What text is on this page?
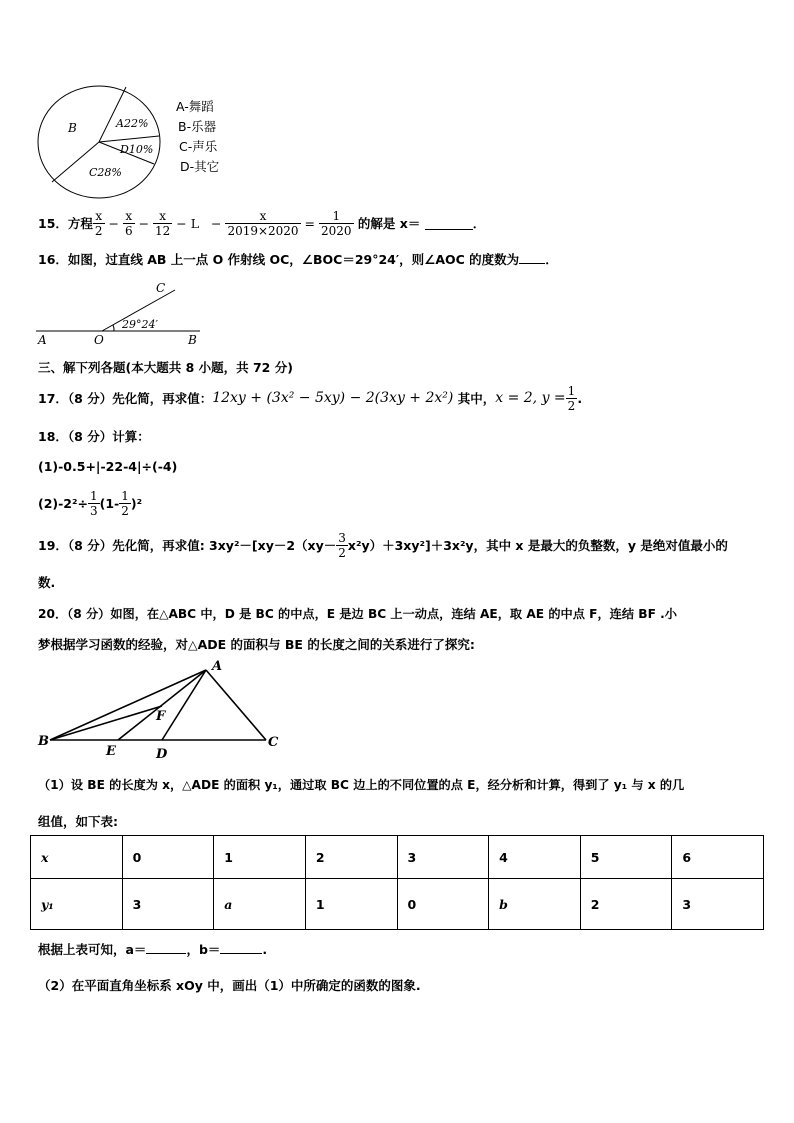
B	A22%
D10%
C28%
A-舞蹈
B-乐器
C-声乐
D-其它
15． 方程 $\frac{x}{2} - \frac{x}{6} - \frac{x}{12} - L - \frac{x}{2019\times 2020} = \frac{1}{2020}$
的解是 x＝
	．
16．如图，过直线 AB 上一点 O 作射线 OC，∠BOC＝29°24′，则∠AOC 的度数为 ．
C
29°24′
A	O	B
三、解下列各题(本大题共 8 小题，共 72 分)
17．（8 分）先化简，再求值： 12xy + (3x² − 5xy) − 2(3xy + 2x²)
其中， x = 2, $y = \frac{1}{2}$ .
18．（8 分）计算：
(1)-0.5+|-22-4|÷(-4)
$(2)-2^2\div \frac{1}{3} (1- \frac{1}{2} )^2$
19．（8 分）先化简，再求值: $3xy^2-[xy-2(xy- \frac{3}{2} x^2y)+3xy^2]+3x^2y$，其中 x 是最大的负整数，y 是绝对值最小的
数.
20．（8 分）如图，在△ABC 中，D 是 BC 的中点，E 是边 BC 上一动点，连结 AE，取 AE 的中点 F，连结 BF .小
梦根据学习函数的经验，对△ADE 的面积与 BE 的长度之间的关系进行了探究:
A
F
B
E	D
C
（1）设 BE 的长度为 x，△ADE 的面积 y₁，通过取 BC 边上的不同位置的点 E，经分析和计算，得到了 y₁ 与 x 的几
组值，如下表:
x	0	1	2	3	4	5	6
y₁	3	a	1	0	b	2	3
根据上表可知，a＝	，b＝	.
（2）在平面直角坐标系 xOy 中，画出（1）中所确定的函数的图象.
